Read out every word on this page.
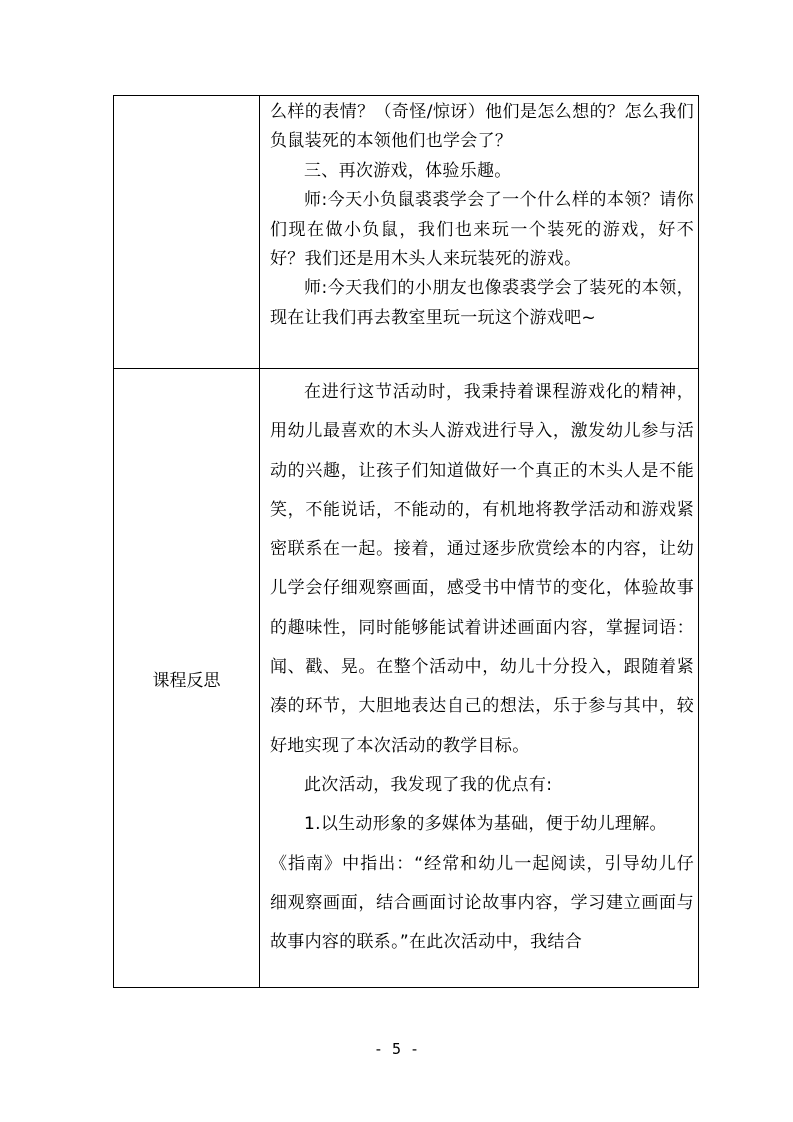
	么样的表情？（奇怪/惊讶）他们是怎么想的？怎么我们负鼠装死的本领他们也学会了？

三、再次游戏，体验乐趣。

师:今天小负鼠裘裘学会了一个什么样的本领？请你们现在做小负鼠，我们也来玩一个装死的游戏，好不好？我们还是用木头人来玩装死的游戏。

师:今天我们的小朋友也像裘裘学会了装死的本领，现在让我们再去教室里玩一玩这个游戏吧~

课程反思	在进行这节活动时，我秉持着课程游戏化的精神，用幼儿最喜欢的木头人游戏进行导入，激发幼儿参与活动的兴趣，让孩子们知道做好一个真正的木头人是不能笑，不能说话，不能动的，有机地将教学活动和游戏紧密联系在一起。接着，通过逐步欣赏绘本的内容，让幼儿学会仔细观察画面，感受书中情节的变化，体验故事的趣味性，同时能够能试着讲述画面内容，掌握词语：闻、戳、晃。在整个活动中，幼儿十分投入，跟随着紧凑的环节，大胆地表达自己的想法，乐于参与其中，较好地实现了本次活动的教学目标。

此次活动，我发现了我的优点有:

1.以生动形象的多媒体为基础，便于幼儿理解。

《指南》中指出：“经常和幼儿一起阅读，引导幼儿仔细观察画面，结合画面讨论故事内容，学习建立画面与故事内容的联系。”在此次活动中，我结合

- 5 -
